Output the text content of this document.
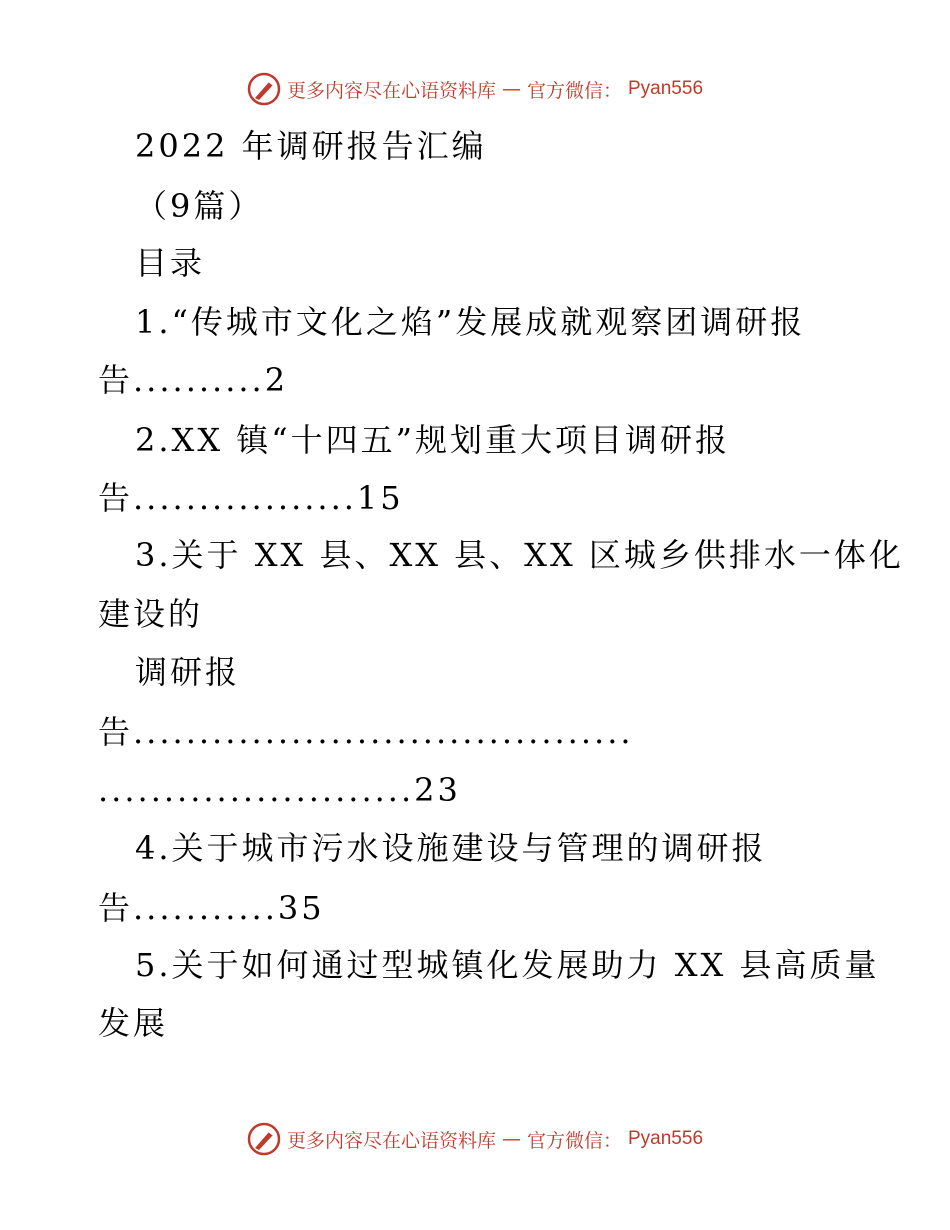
更多内容尽在心语资料库 — 官方微信： Pyan556
2022 年调研报告汇编
（9篇）
目录
1.“传城市文化之焰”发展成就观察团调研报
告..........2
2.XX 镇“十四五”规划重大项目调研报
告.................15
3.关于 XX 县、XX 县、XX 区城乡供排水一体化
建设的
调研报
告......................................
........................23
4.关于城市污水设施建设与管理的调研报
告...........35
5.关于如何通过型城镇化发展助力 XX 县高质量
发展
更多内容尽在心语资料库 — 官方微信： Pyan556
